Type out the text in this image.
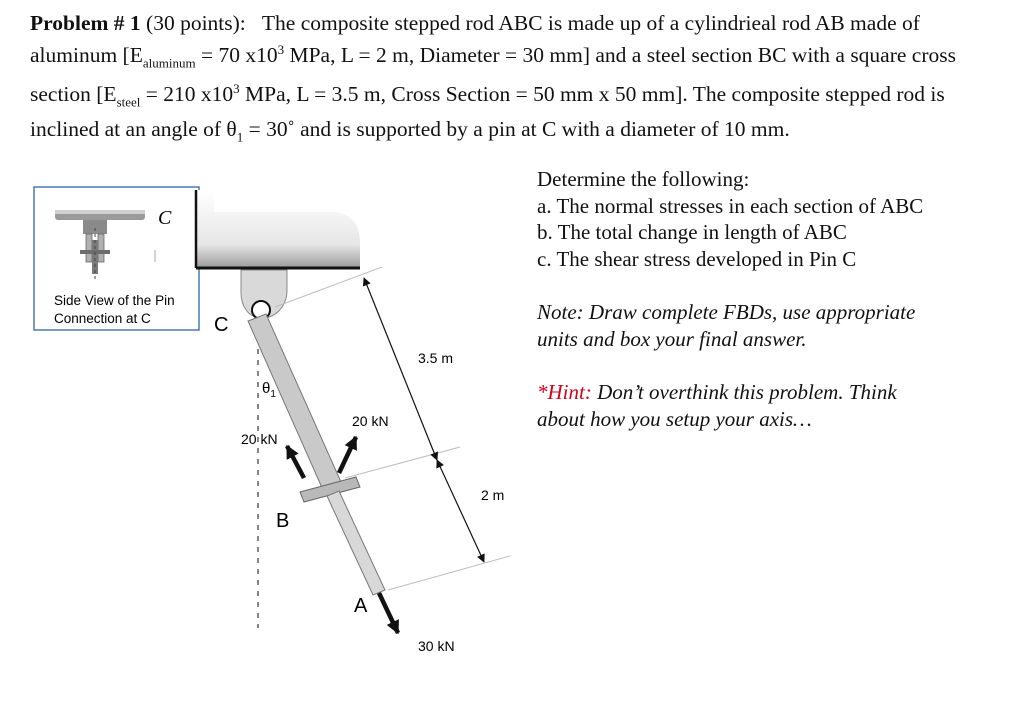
Problem # 1 (30 points): The composite stepped rod ABC is made up of a cylindrieal rod AB made of aluminum [$E_{aluminum} = 70$ $x10^3$ MPa, L = 2 m, Diameter = 30 mm] and a steel section BC with a square cross section [$E_{steel} = 210$ $x10^3$ MPa, L = 3.5 m, Cross Section = 50 mm x 50 mm]. The composite stepped rod is inclined at an angle of $\theta_1$ = 30˚ and is supported by a pin at C with a diameter of 10 mm.

Determine the following:

a. The normal stresses in each section of ABC

b. The total change in length of ABC

c. The shear stress developed in Pin C

Note: Draw complete FBDs, use appropriate

units and box your final answer.

*Hint: Don’t overthink this problem. Think

about how you setup your axis…

C
Side View of the Pin
Connection at C	C
$\theta_1$
20 kN
20 kN
30 kN
B
A
3.5 m
2 m
